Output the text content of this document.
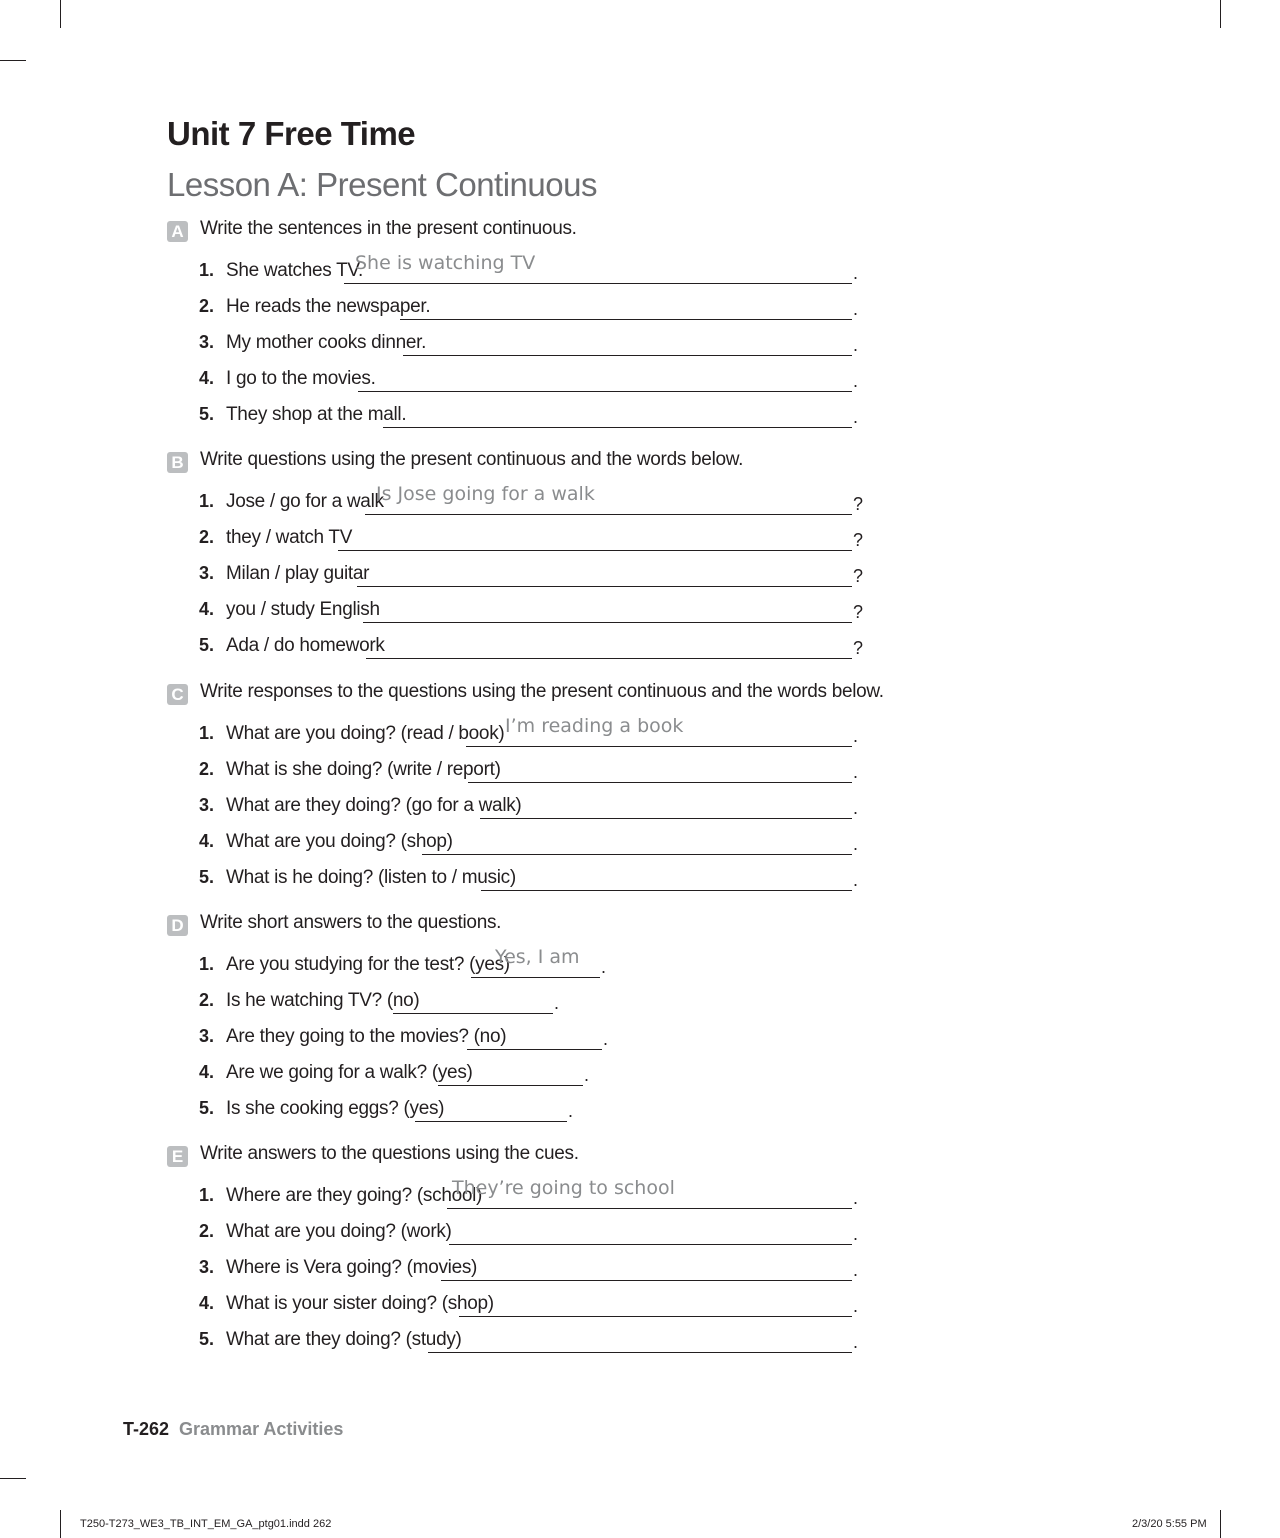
Unit 7 Free Time
Lesson A: Present Continuous
A Write the sentences in the present continuous.
1. She watches TV.
She is watching TV	.
2. He reads the newspaper.	.
3. My mother cooks dinner.	.
4. I go to the movies.	.
5. They shop at the mall.	.
B Write questions using the present continuous and the words below.
1. Jose / go for a walk
Is Jose going for a walk	?
2. they / watch TV	?
3. Milan / play guitar	?
4. you / study English	?
5. Ada / do homework	?
C Write responses to the questions using the present continuous and the words below.
1. What are you doing? (read / book) I’m reading a book	.
2. What is she doing? (write / report)	.
3. What are they doing? (go for a walk)	.
4. What are you doing? (shop)	.
5. What is he doing? (listen to / music)	.
D Write short answers to the questions.
1. Are you studying for the test? (yes)
Yes, I am .
2. Is he watching TV? (no)	.
3. Are they going to the movies? (no)	.
4. Are we going for a walk? (yes)	.
5. Is she cooking eggs? (yes)	.
E Write answers to the questions using the cues.
1. Where are they going? (school)
They’re going to school	.
2. What are you doing? (work)	.
3. Where is Vera going? (movies)	.
4. What is your sister doing? (shop)	.
5. What are they doing? (study)	.
T-262 Grammar Activities
T250-T273_WE3_TB_INT_EM_GA_ptg01.indd 262	2/3/20 5:55 PM
